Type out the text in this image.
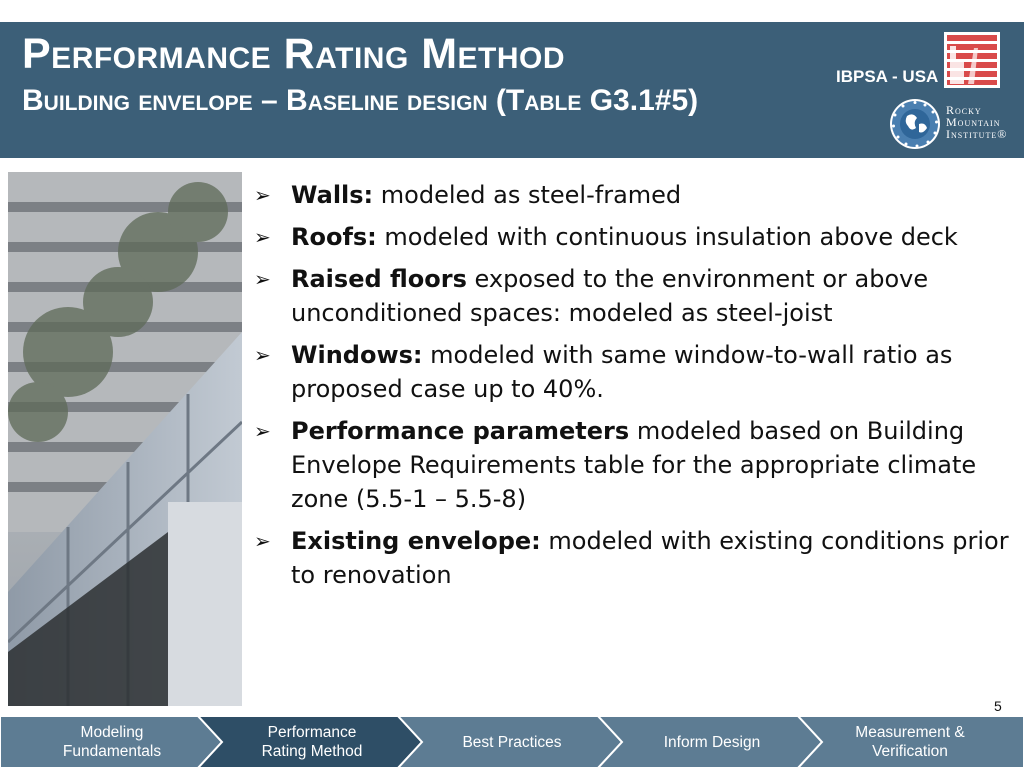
Performance Rating Method
Building envelope – Baseline design (Table G3.1#5)
IBPSA - USA
Rocky
Mountain
Institute®
➢ Walls: modeled as steel-framed
➢ Roofs: modeled with continuous insulation above deck
➢ Raised floors exposed to the environment or above unconditioned spaces: modeled as steel-joist
➢ Windows: modeled with same window-to-wall ratio as proposed case up to 40%.
➢ Performance parameters modeled based on Building Envelope Requirements table for the appropriate climate zone (5.5-1 – 5.5-8)
➢ Existing envelope: modeled with existing conditions prior to renovation
5
Modeling
Fundamentals
Performance
Rating Method
Best Practices	Inform Design
Measurement &
Verification
